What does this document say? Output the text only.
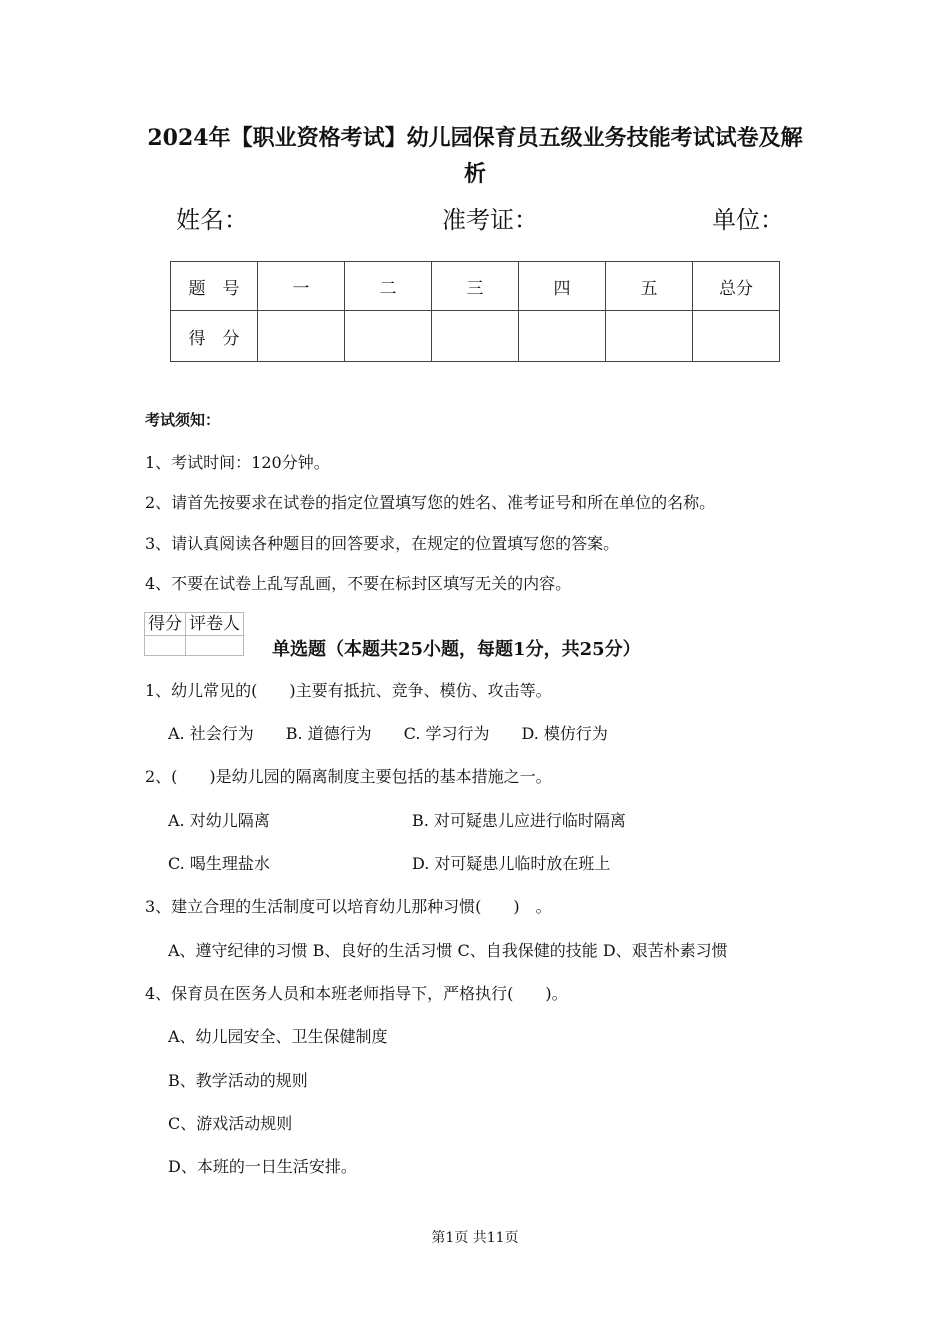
2024年【职业资格考试】幼儿园保育员五级业务技能考试试卷及解析
姓名：	准考证：	单位：
题　号	一	二	三	四	五	总分
得　分						
考试须知：
1、考试时间：120分钟。
2、请首先按要求在试卷的指定位置填写您的姓名、准考证号和所在单位的名称。
3、请认真阅读各种题目的回答要求，在规定的位置填写您的答案。
4、不要在试卷上乱写乱画，不要在标封区填写无关的内容。
得分	评卷人

单选题（本题共25小题，每题1分，共25分）
1、幼儿常见的(　　)主要有抵抗、竞争、模仿、攻击等。
A. 社会行为　　B. 道德行为　　C. 学习行为　　D. 模仿行为
2、(　　)是幼儿园的隔离制度主要包括的基本措施之一。
A. 对幼儿隔离	B. 对可疑患儿应进行临时隔离
C. 喝生理盐水	D. 对可疑患儿临时放在班上
3、建立合理的生活制度可以培育幼儿那种习惯(　　)　。
A、遵守纪律的习惯 B、良好的生活习惯 C、自我保健的技能 D、艰苦朴素习惯
4、保育员在医务人员和本班老师指导下，严格执行(　　)。
A、幼儿园安全、卫生保健制度
B、教学活动的规则
C、游戏活动规则
D、本班的一日生活安排。
第1页 共11页
